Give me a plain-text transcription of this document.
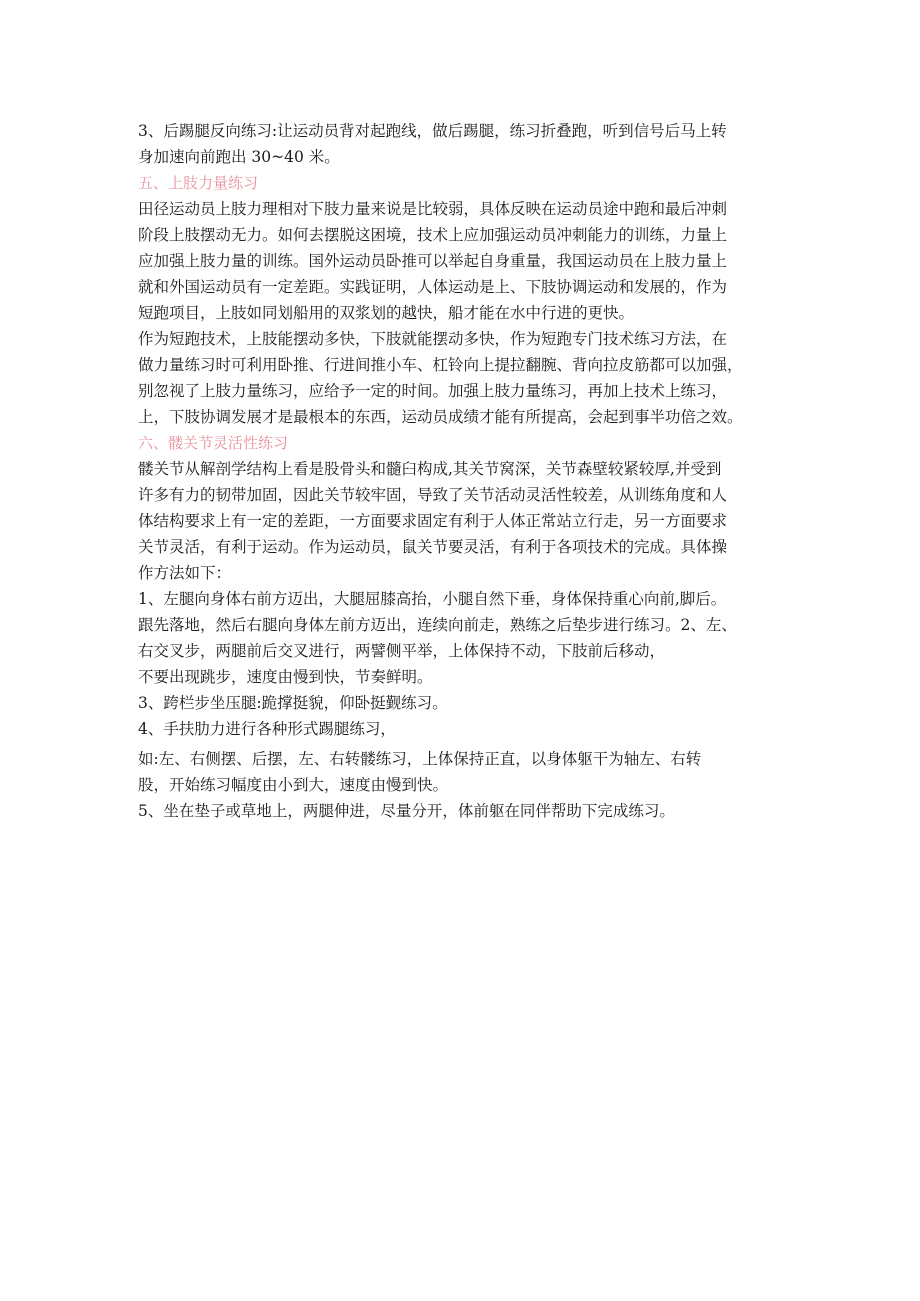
3、后踢腿反向练习:让运动员背对起跑线，做后踢腿，练习折叠跑，听到信号后马上转
身加速向前跑出 30~40 米。
五、上肢力量练习
田径运动员上肢力理相对下肢力量来说是比较弱，具体反映在运动员途中跑和最后冲刺
阶段上肢摆动无力。如何去摆脱这困境，技术上应加强运动员冲刺能力的训练，力量上
应加强上肢力量的训练。国外运动员卧推可以举起自身重量，我国运动员在上肢力量上
就和外国运动员有一定差距。实践证明，人体运动是上、下肢协调运动和发展的，作为
短跑项目，上肢如同划船用的双浆划的越快，船才能在水中行进的更快。
作为短跑技术，上肢能摆动多快，下肢就能摆动多快，作为短跑专门技术练习方法，在
做力量练习时可利用卧推、行进间推小车、杠铃向上提拉翻腕、背向拉皮筋都可以加强，
别忽视了上肢力量练习，应给予一定的时间。加强上肢力量练习，再加上技术上练习，
上，下肢协调发展才是最根本的东西，运动员成绩才能有所提高，会起到事半功倍之效。
六、髅关节灵活性练习
髅关节从解剖学结构上看是股骨头和髓臼构成,其关节窝深，关节森壁较紧较厚,并受到
许多有力的韧带加固，因此关节较牢固，导致了关节活动灵活性较差，从训练角度和人
体结构要求上有一定的差距，一方面要求固定有利于人体正常站立行走，另一方面要求
关节灵活，有利于运动。作为运动员，鼠关节要灵活，有利于各项技术的完成。具体操
作方法如下：
1、左腿向身体右前方迈出，大腿屈膝高抬，小腿自然下垂，身体保持重心向前,脚后。
跟先落地，然后右腿向身体左前方迈出，连续向前走，熟练之后垫步进行练习。2、左、
右交叉步，两腿前后交叉进行，两譬侧平举，上体保持不动，下肢前后移动，
不要出现跳步，速度由慢到快，节奏鲜明。
3、跨栏步坐压腿:跪撑挺貌，仰卧挺觐练习。
4、手扶肋力进行各种形式踢腿练习，
如:左、右侧摆、后摆，左、右转髅练习，上体保持正直，以身体躯干为轴左、右转
股，开始练习幅度由小到大，速度由慢到快。
5、坐在垫子或草地上，两腿伸进，尽量分开，体前躯在同伴帮助下完成练习。
